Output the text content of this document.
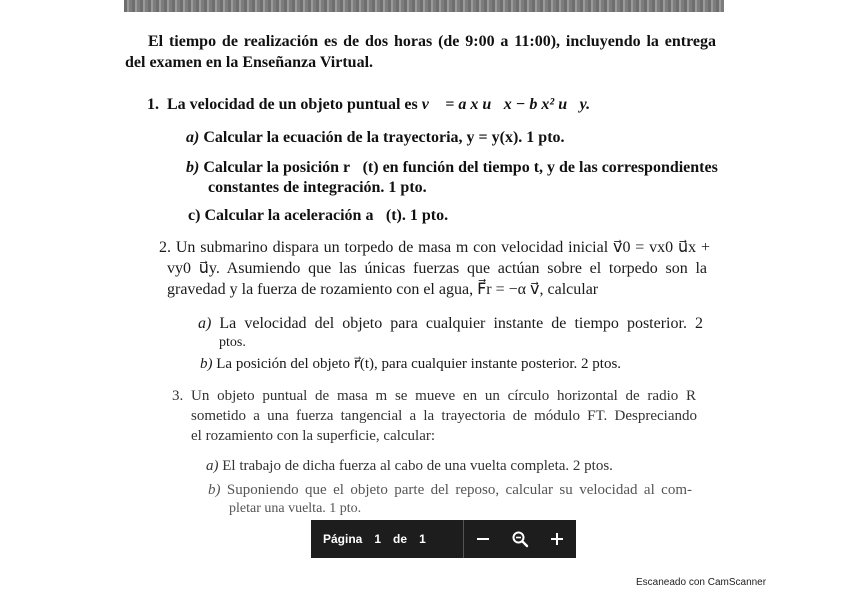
El tiempo de realización es de dos horas (de 9:00 a 11:00), incluyendo la entrega
del examen en la Enseñanza Virtual.
1. La velocidad de un objeto puntual es v⃗ = a x u⃗x − b x² u⃗y.
a) Calcular la ecuación de la trayectoria, y = y(x). 1 pto.
b) Calcular la posición r⃗(t) en función del tiempo t, y de las correspondientes
constantes de integración. 1 pto.
c) Calcular la aceleración a⃗(t). 1 pto.
2. Un submarino dispara un torpedo de masa m con velocidad inicial v⃗0 = vx0 u⃗x +
vy0 u⃗y. Asumiendo que las únicas fuerzas que actúan sobre el torpedo son la
gravedad y la fuerza de rozamiento con el agua, F⃗r = −α v⃗, calcular
a) La velocidad del objeto para cualquier instante de tiempo posterior. 2
ptos.
b) La posición del objeto r⃗(t), para cualquier instante posterior. 2 ptos.
3. Un objeto puntual de masa m se mueve en un círculo horizontal de radio R
sometido a una fuerza tangencial a la trayectoria de módulo FT. Despreciando
el rozamiento con la superficie, calcular:
a) El trabajo de dicha fuerza al cabo de una vuelta completa. 2 ptos.
b) Suponiendo que el objeto parte del reposo, calcular su velocidad al com-
pletar una vuelta. 1 pto.
Página 1 de 1
Escaneado con CamScanner
